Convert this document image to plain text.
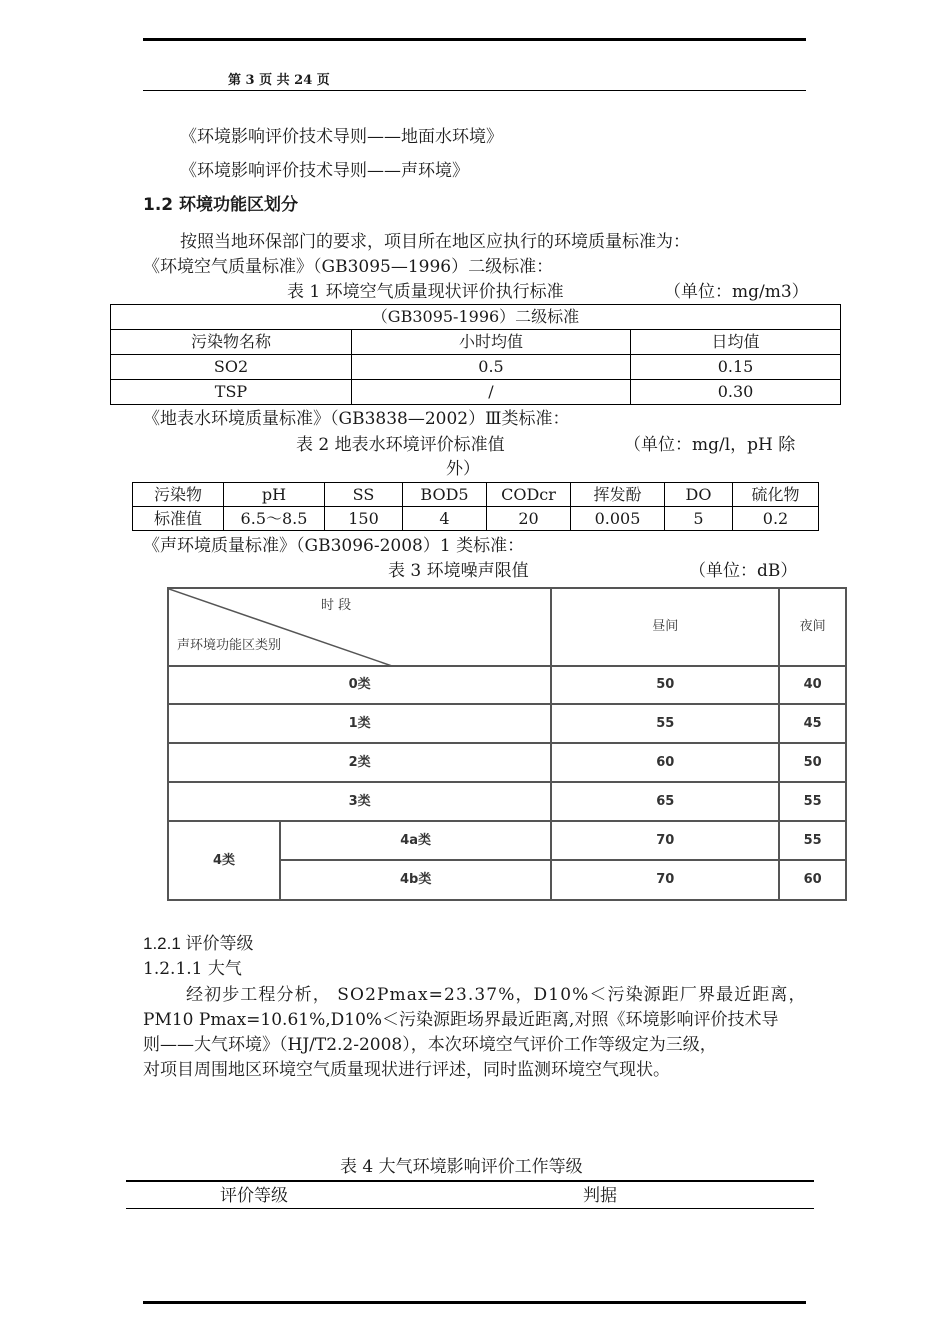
第 3 页 共 24 页
《环境影响评价技术导则——地面水环境》
《环境影响评价技术导则——声环境》
1.2 环境功能区划分
按照当地环保部门的要求，项目所在地区应执行的环境质量标准为：
《环境空气质量标准》（GB3095—1996）二级标准：
表 1 环境空气质量现状评价执行标准	（单位：mg/m3）
（GB3095-1996）二级标准		
污染物名称	小时均值	日均值
SO2	0.5	0.15
TSP	/	0.30
《地表水环境质量标准》（GB3838—2002）Ⅲ类标准：
表 2 地表水环境评价标准值	（单位：mg/l，pH 除
外）
污染物	pH	SS	BOD5	CODcr	挥发酚	DO	硫化物
标准值	6.5～8.5	150	4	20	0.005	5	0.2
《声环境质量标准》（GB3096-2008）1 类标准：
表 3 环境噪声限值	（单位：dB）
时 段
声环境功能区类别		昼间	夜间
0类		50	40
1类		55	45
2类		60	50
3类		65	55
4类	4a类	70	55
	4b类	70	60
1.2.1 评价等级
1.2.1.1 大气
经初步工程分析， SO2Pmax=23.37%，D10%＜污染源距厂界最近距离，
PM10 Pmax=10.61%,D10%＜污染源距场界最近距离,对照《环境影响评价技术导
则——大气环境》（HJ/T2.2-2008），本次环境空气评价工作等级定为三级，
对项目周围地区环境空气质量现状进行评述，同时监测环境空气现状。
表 4 大气环境影响评价工作等级
评价等级	判据
